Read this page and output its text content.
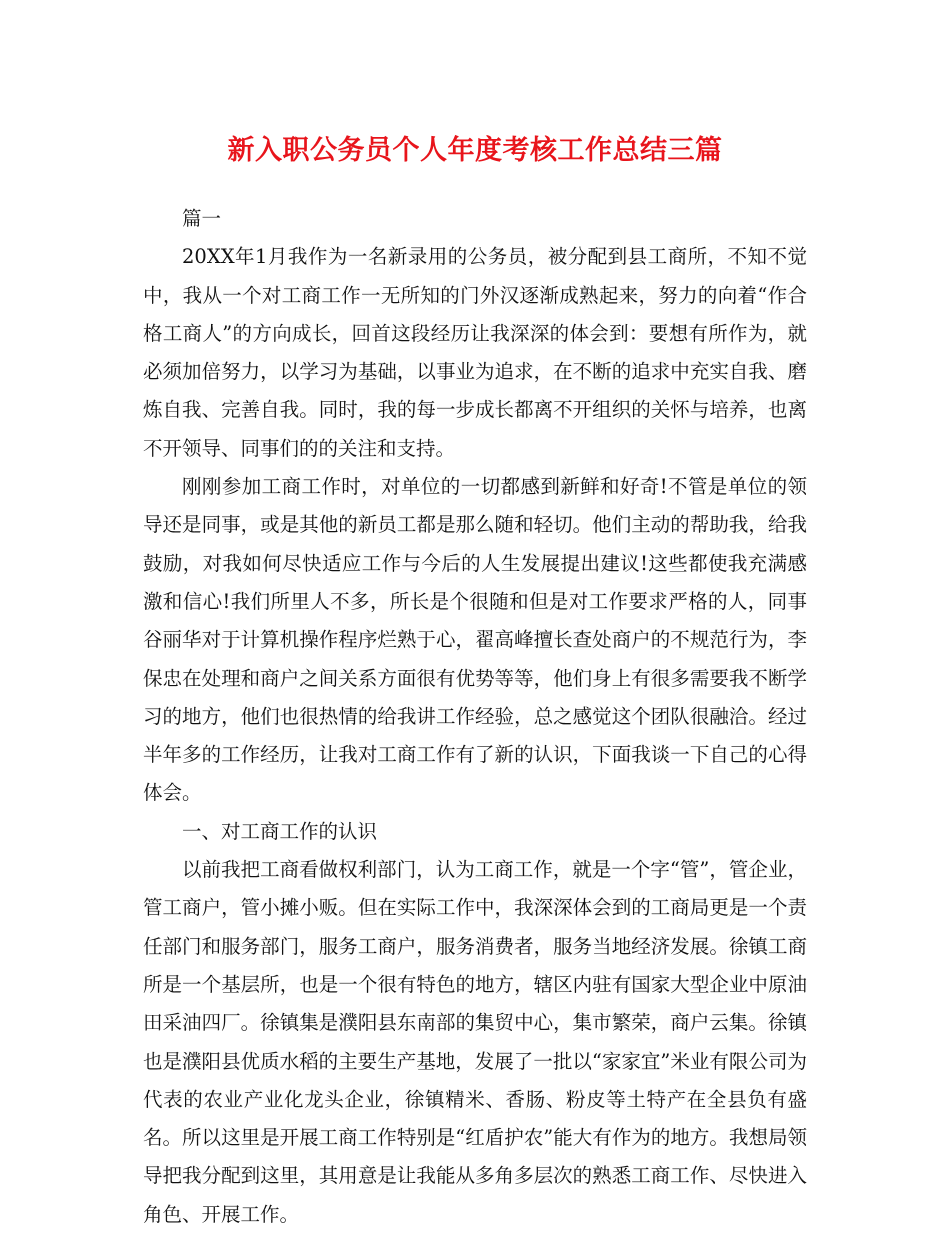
新入职公务员个人年度考核工作总结三篇

篇一

20XX年1月我作为一名新录用的公务员，被分配到县工商所，不知不觉中，我从一个对工商工作一无所知的门外汉逐渐成熟起来，努力的向着“作合格工商人”的方向成长，回首这段经历让我深深的体会到：要想有所作为，就必须加倍努力，以学习为基础，以事业为追求，在不断的追求中充实自我、磨炼自我、完善自我。同时，我的每一步成长都离不开组织的关怀与培养，也离不开领导、同事们的的关注和支持。

刚刚参加工商工作时，对单位的一切都感到新鲜和好奇!不管是单位的领导还是同事，或是其他的新员工都是那么随和轻切。他们主动的帮助我，给我鼓励，对我如何尽快适应工作与今后的人生发展提出建议!这些都使我充满感激和信心!我们所里人不多，所长是个很随和但是对工作要求严格的人，同事谷丽华对于计算机操作程序烂熟于心，翟高峰擅长查处商户的不规范行为，李保忠在处理和商户之间关系方面很有优势等等，他们身上有很多需要我不断学习的地方，他们也很热情的给我讲工作经验，总之感觉这个团队很融洽。经过半年多的工作经历，让我对工商工作有了新的认识，下面我谈一下自己的心得体会。

一、对工商工作的认识

以前我把工商看做权利部门，认为工商工作，就是一个字“管”，管企业，管工商户，管小摊小贩。但在实际工作中，我深深体会到的工商局更是一个责任部门和服务部门，服务工商户，服务消费者，服务当地经济发展。徐镇工商所是一个基层所，也是一个很有特色的地方，辖区内驻有国家大型企业中原油田采油四厂。徐镇集是濮阳县东南部的集贸中心，集市繁荣，商户云集。徐镇也是濮阳县优质水稻的主要生产基地，发展了一批以“家家宜”米业有限公司为代表的农业产业化龙头企业，徐镇精米、香肠、粉皮等土特产在全县负有盛名。所以这里是开展工商工作特别是“红盾护农”能大有作为的地方。我想局领导把我分配到这里，其用意是让我能从多角多层次的熟悉工商工作、尽快进入角色、开展工作。
